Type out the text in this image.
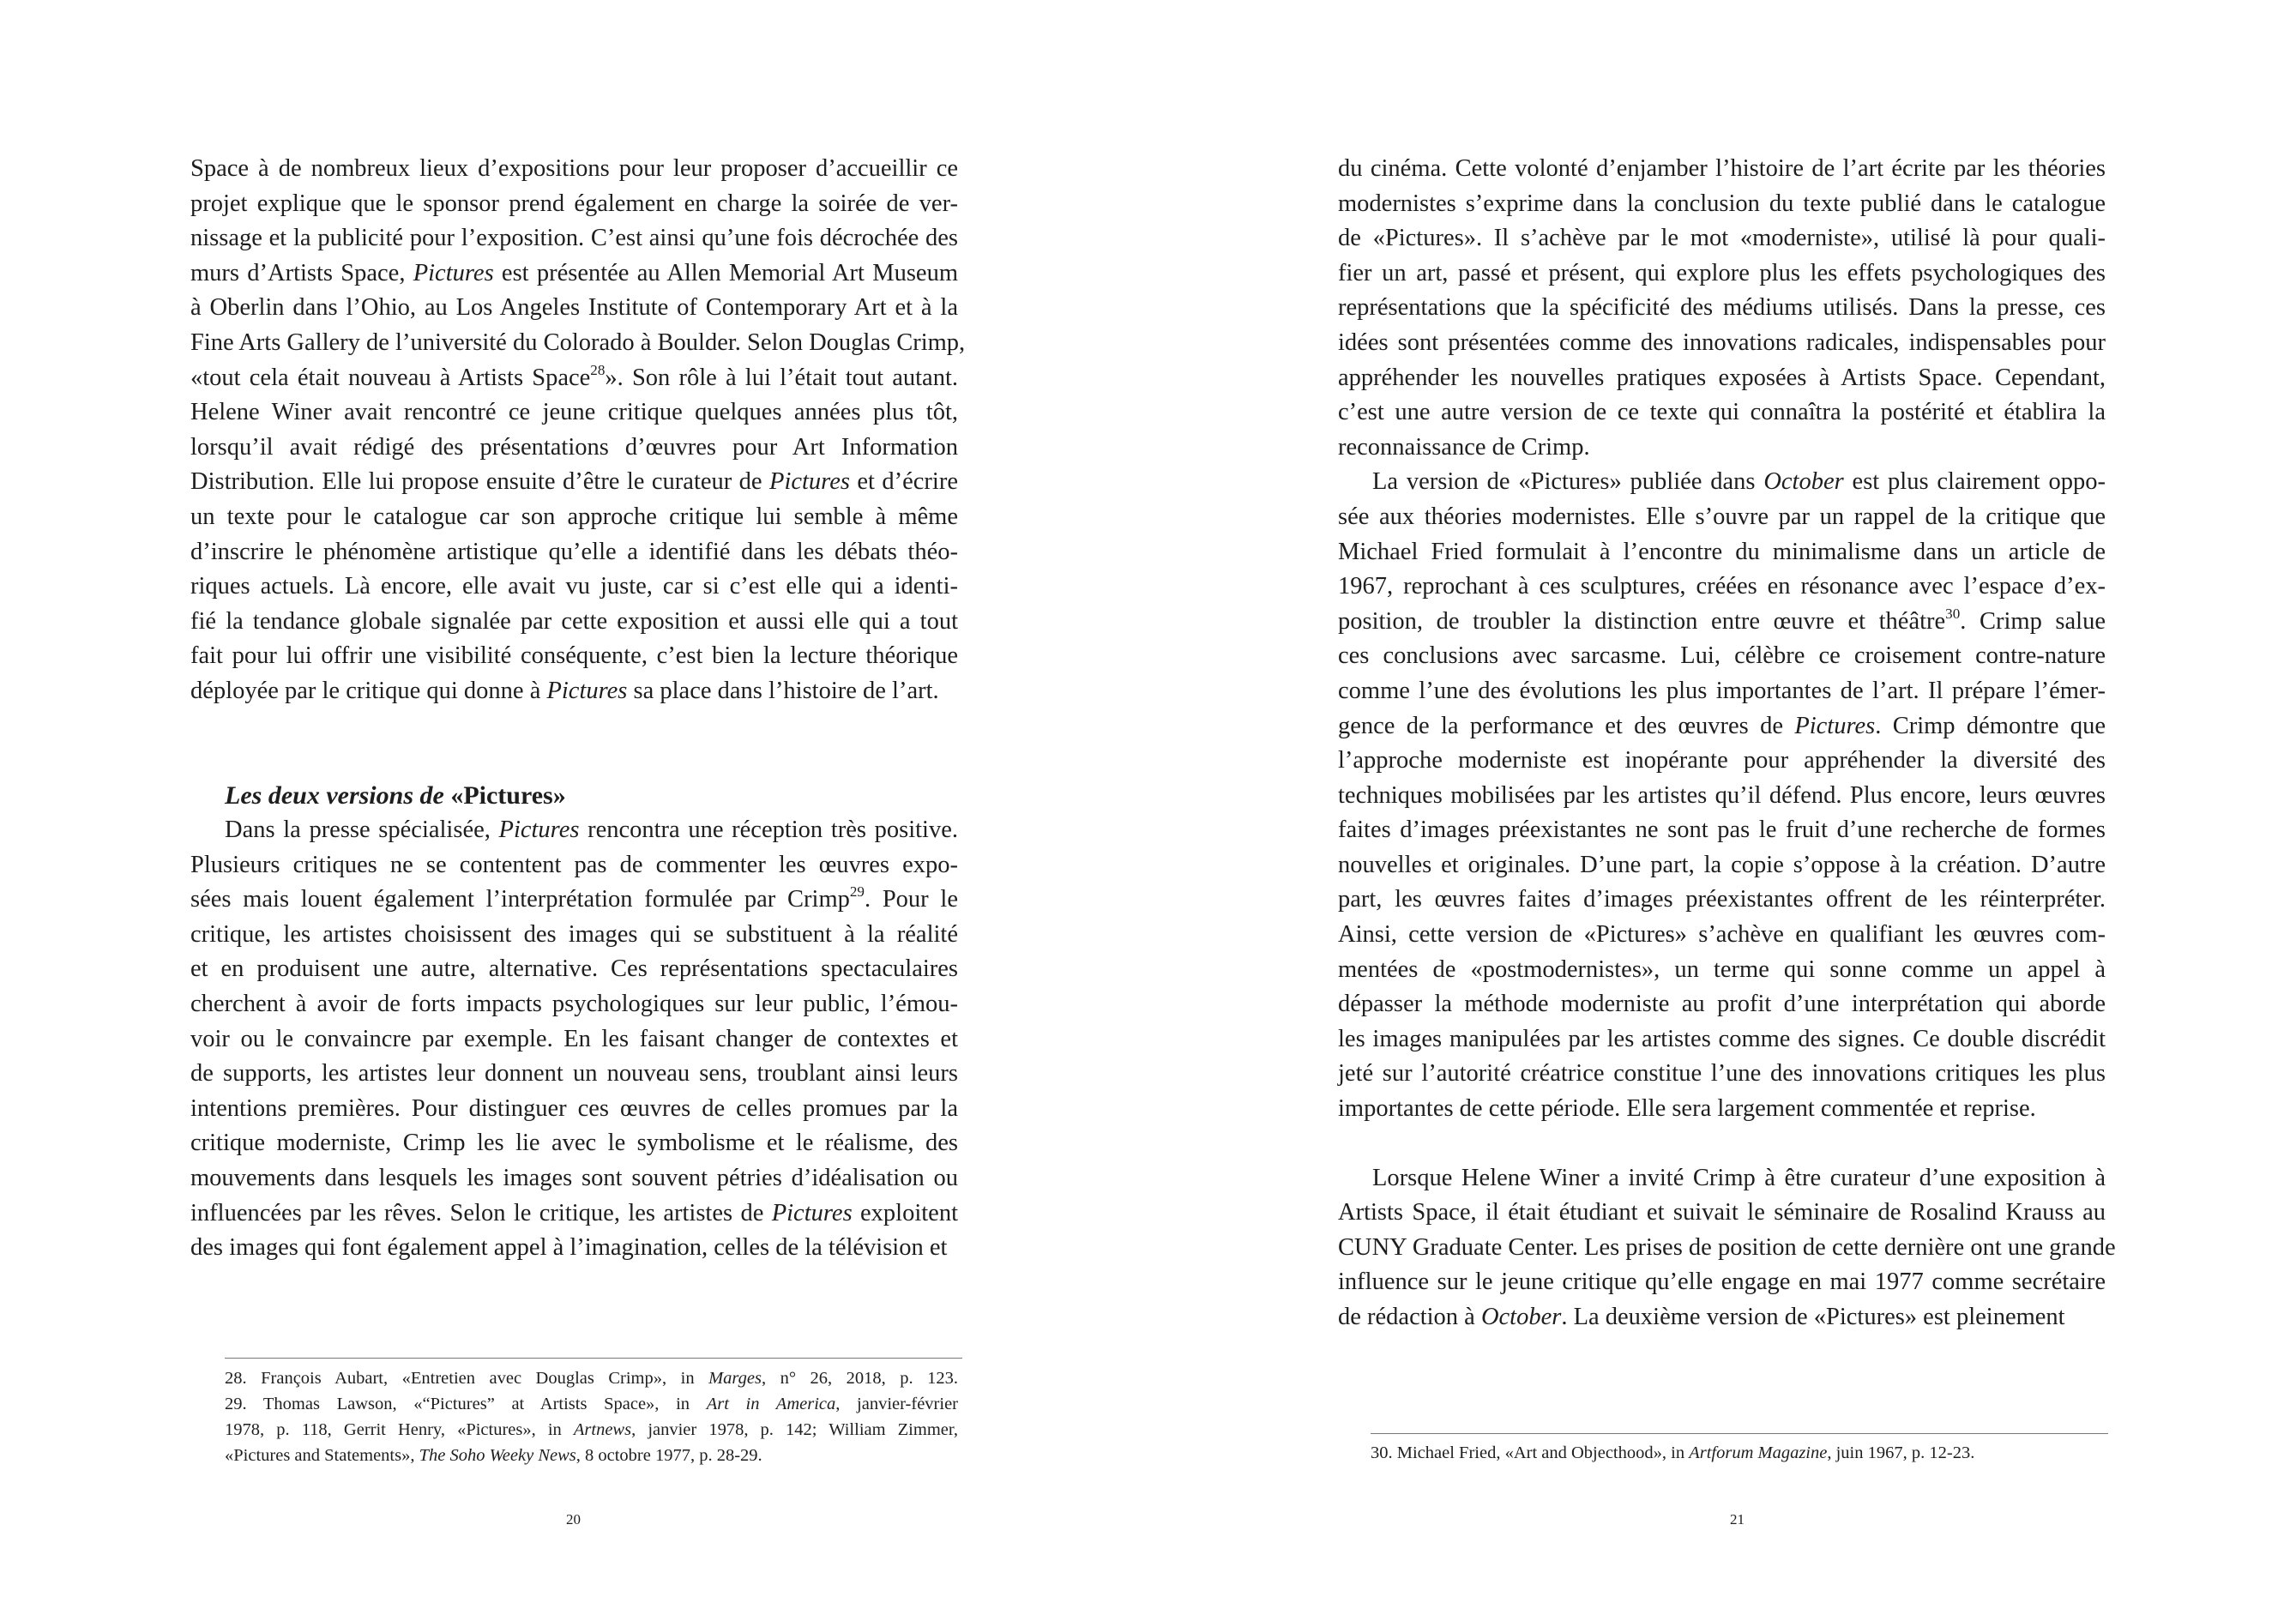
Space à de nombreux lieux d’expositions pour leur proposer d’accueillir ce
projet explique que le sponsor prend également en charge la soirée de ver-
nissage et la publicité pour l’exposition. C’est ainsi qu’une fois décrochée des
murs d’Artists Space, Pictures est présentée au Allen Memorial Art Museum
à Oberlin dans l’Ohio, au Los Angeles Institute of Contemporary Art et à la
Fine Arts Gallery de l’université du Colorado à Boulder. Selon Douglas Crimp,
«tout cela était nouveau à Artists Space$^{28}$». Son rôle à lui l’était tout autant.
Helene Winer avait rencontré ce jeune critique quelques années plus tôt,
lorsqu’il avait rédigé des présentations d’œuvres pour Art Information
Distribution. Elle lui propose ensuite d’être le curateur de Pictures et d’écrire
un texte pour le catalogue car son approche critique lui semble à même
d’inscrire le phénomène artistique qu’elle a identifié dans les débats théo-
riques actuels. Là encore, elle avait vu juste, car si c’est elle qui a identi-
fié la tendance globale signalée par cette exposition et aussi elle qui a tout
fait pour lui offrir une visibilité conséquente, c’est bien la lecture théorique
déployée par le critique qui donne à Pictures sa place dans l’histoire de l’art.
Les deux versions de «Pictures»
Dans la presse spécialisée, Pictures rencontra une réception très positive.
Plusieurs critiques ne se contentent pas de commenter les œuvres expo-
sées mais louent également l’interprétation formulée par Crimp$^{29}$. Pour le
critique, les artistes choisissent des images qui se substituent à la réalité
et en produisent une autre, alternative. Ces représentations spectaculaires
cherchent à avoir de forts impacts psychologiques sur leur public, l’émou-
voir ou le convaincre par exemple. En les faisant changer de contextes et
de supports, les artistes leur donnent un nouveau sens, troublant ainsi leurs
intentions premières. Pour distinguer ces œuvres de celles promues par la
critique moderniste, Crimp les lie avec le symbolisme et le réalisme, des
mouvements dans lesquels les images sont souvent pétries d’idéalisation ou
influencées par les rêves. Selon le critique, les artistes de Pictures exploitent
des images qui font également appel à l’imagination, celles de la télévision et
28. François Aubart, «Entretien avec Douglas Crimp», in Marges, n° 26, 2018, p. 123.
29. Thomas Lawson, «“Pictures” at Artists Space», in Art in America, janvier-février
1978, p. 118, Gerrit Henry, «Pictures», in Artnews, janvier 1978, p. 142; William Zimmer,
«Pictures and Statements», The Soho Weeky News, 8 octobre 1977, p. 28-29.
20
du cinéma. Cette volonté d’enjamber l’histoire de l’art écrite par les théories
modernistes s’exprime dans la conclusion du texte publié dans le catalogue
de «Pictures». Il s’achève par le mot «moderniste», utilisé là pour quali-
fier un art, passé et présent, qui explore plus les effets psychologiques des
représentations que la spécificité des médiums utilisés. Dans la presse, ces
idées sont présentées comme des innovations radicales, indispensables pour
appréhender les nouvelles pratiques exposées à Artists Space. Cependant,
c’est une autre version de ce texte qui connaîtra la postérité et établira la
reconnaissance de Crimp.
La version de «Pictures» publiée dans October est plus clairement oppo-
sée aux théories modernistes. Elle s’ouvre par un rappel de la critique que
Michael Fried formulait à l’encontre du minimalisme dans un article de
1967, reprochant à ces sculptures, créées en résonance avec l’espace d’ex-
position, de troubler la distinction entre œuvre et théâtre$^{30}$. Crimp salue
ces conclusions avec sarcasme. Lui, célèbre ce croisement contre-nature
comme l’une des évolutions les plus importantes de l’art. Il prépare l’émer-
gence de la performance et des œuvres de Pictures. Crimp démontre que
l’approche moderniste est inopérante pour appréhender la diversité des
techniques mobilisées par les artistes qu’il défend. Plus encore, leurs œuvres
faites d’images préexistantes ne sont pas le fruit d’une recherche de formes
nouvelles et originales. D’une part, la copie s’oppose à la création. D’autre
part, les œuvres faites d’images préexistantes offrent de les réinterpréter.
Ainsi, cette version de «Pictures» s’achève en qualifiant les œuvres com-
mentées de «postmodernistes», un terme qui sonne comme un appel à
dépasser la méthode moderniste au profit d’une interprétation qui aborde
les images manipulées par les artistes comme des signes. Ce double discrédit
jeté sur l’autorité créatrice constitue l’une des innovations critiques les plus
importantes de cette période. Elle sera largement commentée et reprise.
Lorsque Helene Winer a invité Crimp à être curateur d’une exposition à
Artists Space, il était étudiant et suivait le séminaire de Rosalind Krauss au
CUNY Graduate Center. Les prises de position de cette dernière ont une grande
influence sur le jeune critique qu’elle engage en mai 1977 comme secrétaire
de rédaction à October. La deuxième version de «Pictures» est pleinement
30. Michael Fried, «Art and Objecthood», in Artforum Magazine, juin 1967, p. 12-23.
21
